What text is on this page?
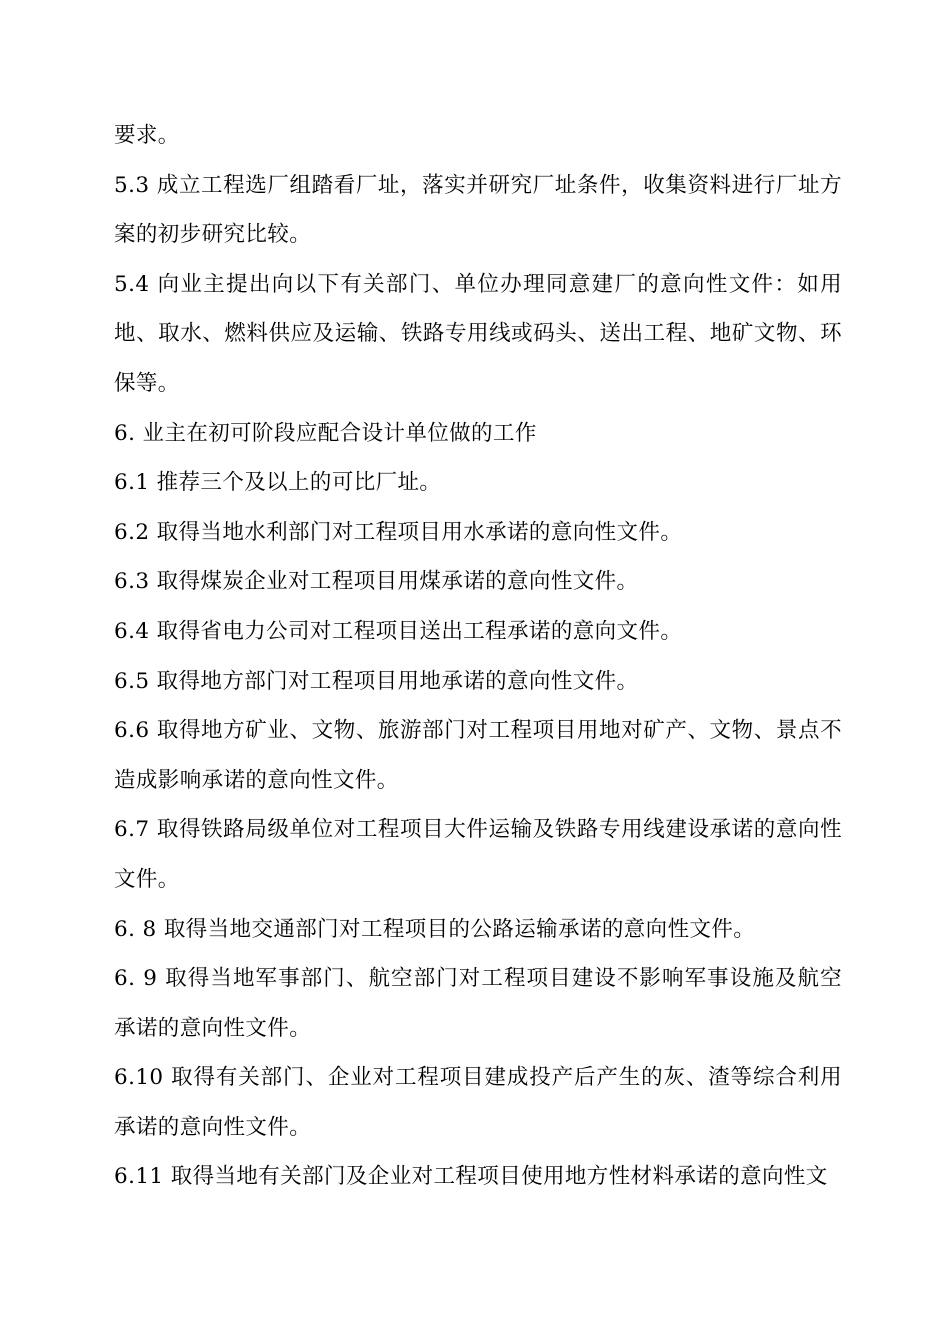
要求。

5.3 成立工程选厂组踏看厂址，落实并研究厂址条件，收集资料进行厂址方案的初步研究比较。

5.4 向业主提出向以下有关部门、单位办理同意建厂的意向性文件：如用地、取水、燃料供应及运输、铁路专用线或码头、送出工程、地矿文物、环保等。

6. 业主在初可阶段应配合设计单位做的工作

6.1 推荐三个及以上的可比厂址。

6.2 取得当地水利部门对工程项目用水承诺的意向性文件。

6.3 取得煤炭企业对工程项目用煤承诺的意向性文件。

6.4 取得省电力公司对工程项目送出工程承诺的意向文件。

6.5 取得地方部门对工程项目用地承诺的意向性文件。

6.6 取得地方矿业、文物、旅游部门对工程项目用地对矿产、文物、景点不造成影响承诺的意向性文件。

6.7 取得铁路局级单位对工程项目大件运输及铁路专用线建设承诺的意向性文件。

6. 8 取得当地交通部门对工程项目的公路运输承诺的意向性文件。

6. 9 取得当地军事部门、航空部门对工程项目建设不影响军事设施及航空承诺的意向性文件。

6.10 取得有关部门、企业对工程项目建成投产后产生的灰、渣等综合利用承诺的意向性文件。

6.11 取得当地有关部门及企业对工程项目使用地方性材料承诺的意向性文
